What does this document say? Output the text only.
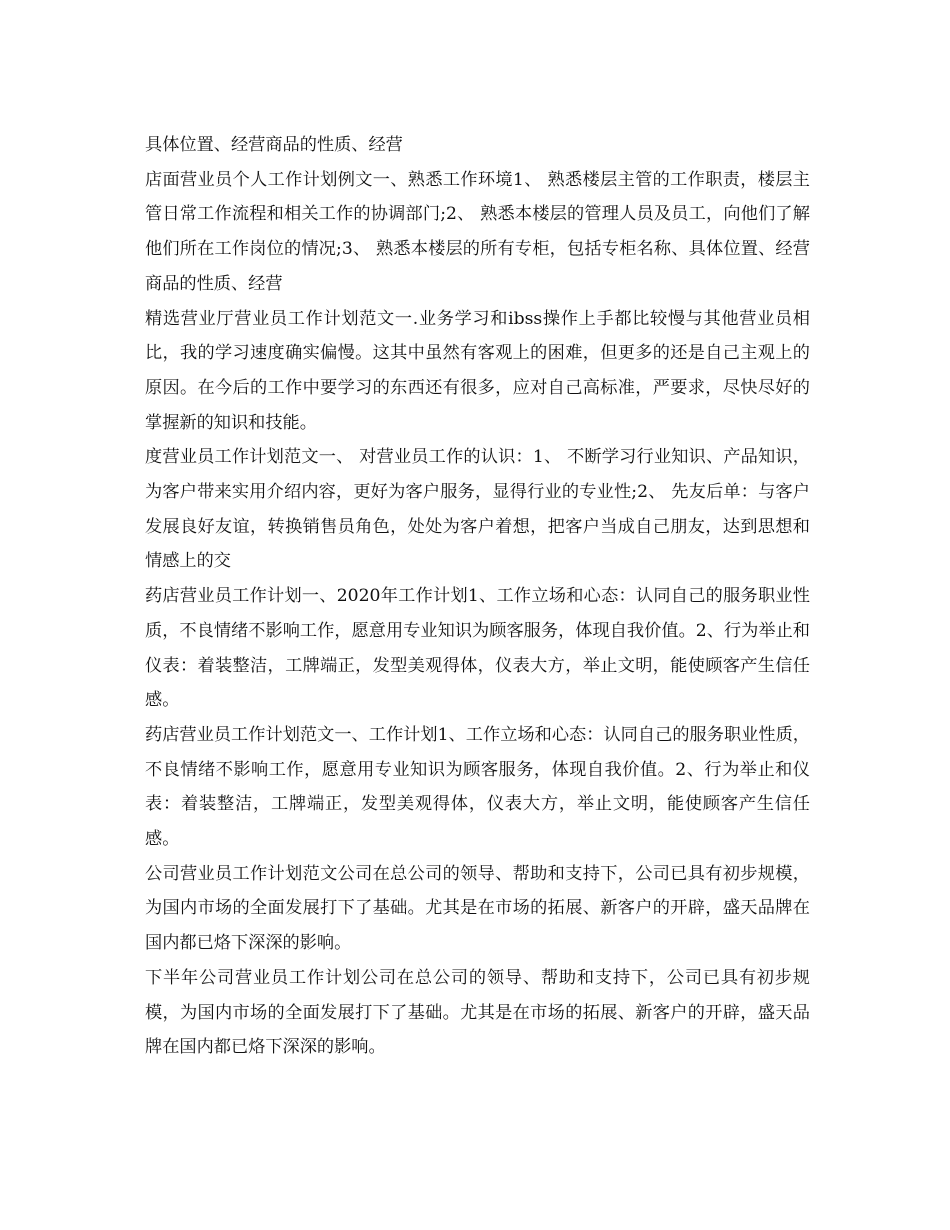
具体位置、经营商品的性质、经营

店面营业员个人工作计划例文一、熟悉工作环境1、 熟悉楼层主管的工作职责，楼层主管日常工作流程和相关工作的协调部门;2、 熟悉本楼层的管理人员及员工，向他们了解他们所在工作岗位的情况;3、 熟悉本楼层的所有专柜，包括专柜名称、具体位置、经营商品的性质、经营

精选营业厅营业员工作计划范文一.业务学习和ibss操作上手都比较慢与其他营业员相比，我的学习速度确实偏慢。这其中虽然有客观上的困难，但更多的还是自己主观上的原因。在今后的工作中要学习的东西还有很多，应对自己高标准，严要求，尽快尽好的掌握新的知识和技能。

度营业员工作计划范文一、 对营业员工作的认识：1、 不断学习行业知识、产品知识，为客户带来实用介绍内容，更好为客户服务，显得行业的专业性;2、 先友后单：与客户发展良好友谊，转换销售员角色，处处为客户着想，把客户当成自己朋友，达到思想和情感上的交

药店营业员工作计划一、2020年工作计划1、工作立场和心态：认同自己的服务职业性质，不良情绪不影响工作，愿意用专业知识为顾客服务，体现自我价值。2、行为举止和仪表：着装整洁，工牌端正，发型美观得体，仪表大方，举止文明，能使顾客产生信任感。

药店营业员工作计划范文一、工作计划1、工作立场和心态：认同自己的服务职业性质，不良情绪不影响工作，愿意用专业知识为顾客服务，体现自我价值。2、行为举止和仪表：着装整洁，工牌端正，发型美观得体，仪表大方，举止文明，能使顾客产生信任感。

公司营业员工作计划范文公司在总公司的领导、帮助和支持下，公司已具有初步规模，为国内市场的全面发展打下了基础。尤其是在市场的拓展、新客户的开辟，盛天品牌在国内都已烙下深深的影响。

下半年公司营业员工作计划公司在总公司的领导、帮助和支持下，公司已具有初步规模，为国内市场的全面发展打下了基础。尤其是在市场的拓展、新客户的开辟，盛天品牌在国内都已烙下深深的影响。
